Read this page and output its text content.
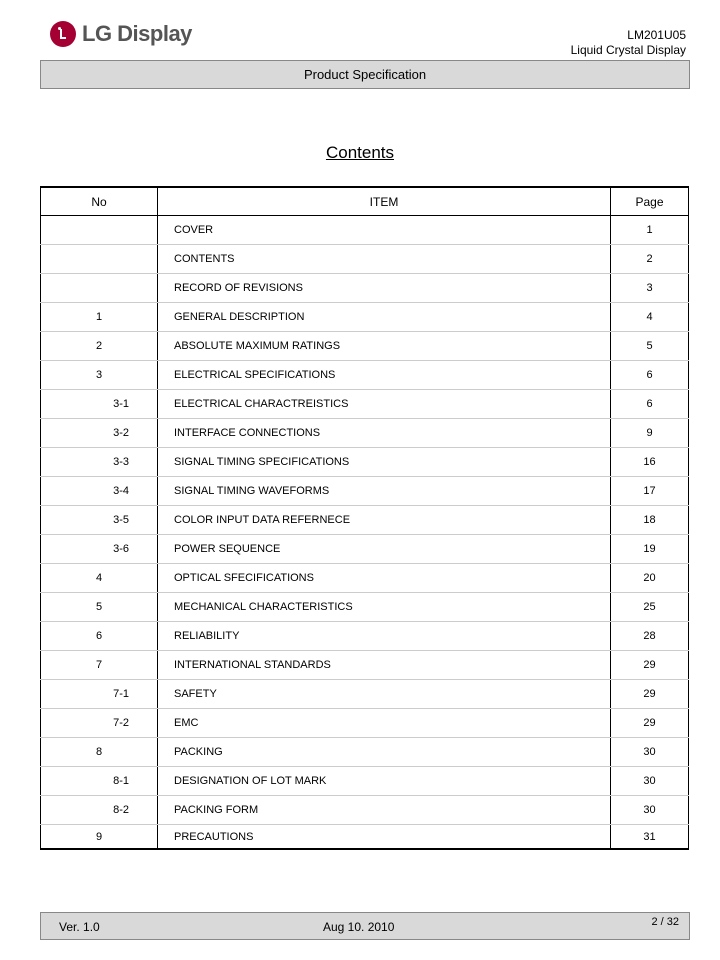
LG Display	LM201U05
Liquid Crystal Display
Product Specification
Contents
No	ITEM	Page
	COVER	1
	CONTENTS	2
	RECORD OF REVISIONS	3
1	GENERAL DESCRIPTION	4
2	ABSOLUTE MAXIMUM RATINGS	5
3	ELECTRICAL SPECIFICATIONS	6
3-1	ELECTRICAL CHARACTREISTICS	6
3-2	INTERFACE CONNECTIONS	9
3-3	SIGNAL TIMING SPECIFICATIONS	16
3-4	SIGNAL TIMING WAVEFORMS	17
3-5	COLOR INPUT DATA REFERNECE	18
3-6	POWER SEQUENCE	19
4	OPTICAL SFECIFICATIONS	20
5	MECHANICAL CHARACTERISTICS	25
6	RELIABILITY	28
7	INTERNATIONAL STANDARDS	29
7-1	SAFETY	29
7-2	EMC	29
8	PACKING	30
8-1	DESIGNATION OF LOT MARK	30
8-2	PACKING FORM	30
9	PRECAUTIONS	31
Ver. 1.0	Aug 10. 2010	2 / 32
